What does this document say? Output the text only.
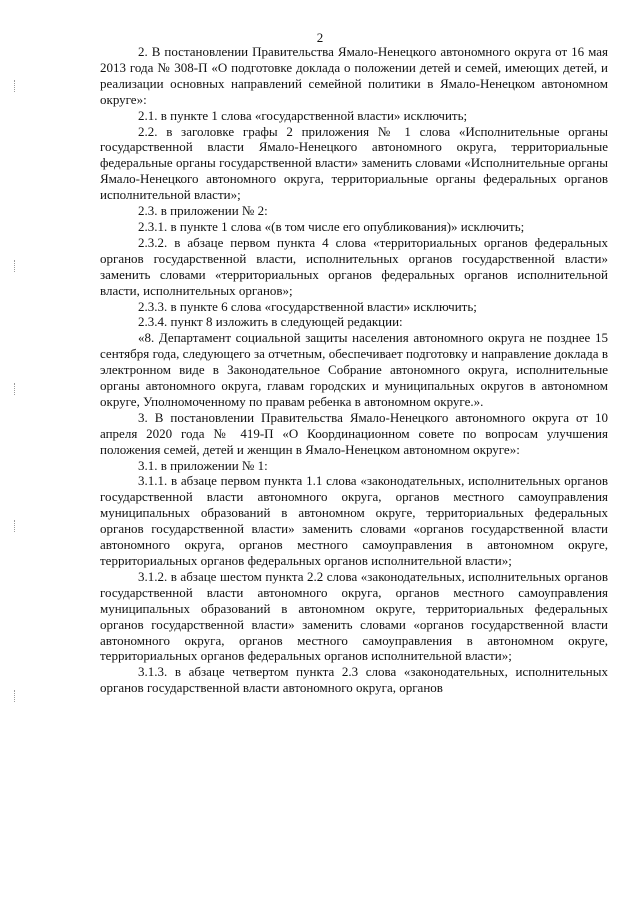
2

2. В постановлении Правительства Ямало-Ненецкого автономного округа от 16 мая 2013 года № 308-П «О подготовке доклада о положении детей и семей, имеющих детей, и реализации основных направлений семейной политики в Ямало-Ненецком автономном округе»:

2.1. в пункте 1 слова «государственной власти» исключить;

2.2. в заголовке графы 2 приложения № 1 слова «Исполнительные органы государственной власти Ямало-Ненецкого автономного округа, территориальные федеральные органы государственной власти» заменить словами «Исполнительные органы Ямало-Ненецкого автономного округа, территориальные органы федеральных органов исполнительной власти»;

2.3. в приложении № 2:

2.3.1. в пункте 1 слова «(в том числе его опубликования)» исключить;

2.3.2. в абзаце первом пункта 4 слова «территориальных органов федеральных органов государственной власти, исполнительных органов государственной власти» заменить словами «территориальных органов федеральных органов исполнительной власти, исполнительных органов»;

2.3.3. в пункте 6 слова «государственной власти» исключить;

2.3.4. пункт 8 изложить в следующей редакции:

«8. Департамент социальной защиты населения автономного округа не позднее 15 сентября года, следующего за отчетным, обеспечивает подготовку и направление доклада в электронном виде в Законодательное Собрание автономного округа, исполнительные органы автономного округа, главам городских и муниципальных округов в автономном округе, Уполномоченному по правам ребенка в автономном округе.».

3. В постановлении Правительства Ямало-Ненецкого автономного округа от 10 апреля 2020 года № 419-П «О Координационном совете по вопросам улучшения положения семей, детей и женщин в Ямало-Ненецком автономном округе»:

3.1. в приложении № 1:

3.1.1. в абзаце первом пункта 1.1 слова «законодательных, исполнительных органов государственной власти автономного округа, органов местного самоуправления муниципальных образований в автономном округе, территориальных федеральных органов государственной власти» заменить словами «органов государственной власти автономного округа, органов местного самоуправления в автономном округе, территориальных органов федеральных органов исполнительной власти»;

3.1.2. в абзаце шестом пункта 2.2 слова «законодательных, исполнительных органов государственной власти автономного округа, органов местного самоуправления муниципальных образований в автономном округе, территориальных федеральных органов государственной власти» заменить словами «органов государственной власти автономного округа, органов местного самоуправления в автономном округе, территориальных органов федеральных органов исполнительной власти»;

3.1.3. в абзаце четвертом пункта 2.3 слова «законодательных, исполнительных органов государственной власти автономного округа, органов
